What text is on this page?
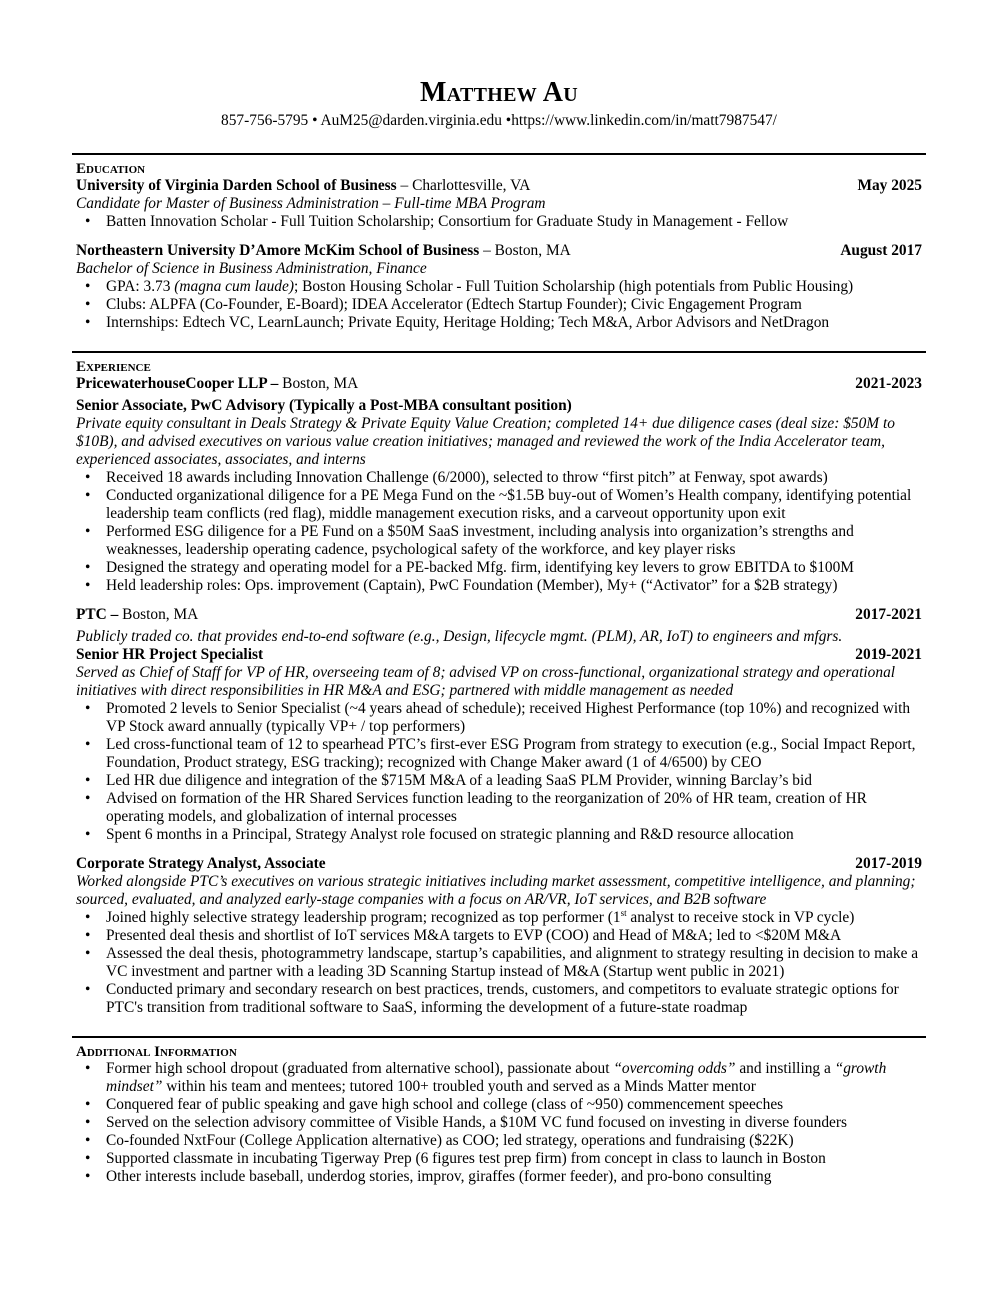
Matthew Au
857-756-5795 • AuM25@darden.virginia.edu •https://www.linkedin.com/in/matt7987547/
Education
University of Virginia Darden School of Business – Charlottesville, VA	May 2025
Candidate for Master of Business Administration – Full-time MBA Program
• Batten Innovation Scholar - Full Tuition Scholarship; Consortium for Graduate Study in Management - Fellow
Northeastern University D’Amore McKim School of Business – Boston, MA	August 2017
Bachelor of Science in Business Administration, Finance
• GPA: 3.73 (magna cum laude); Boston Housing Scholar - Full Tuition Scholarship (high potentials from Public Housing)
• Clubs: ALPFA (Co-Founder, E-Board); IDEA Accelerator (Edtech Startup Founder); Civic Engagement Program
• Internships: Edtech VC, LearnLaunch; Private Equity, Heritage Holding; Tech M&A, Arbor Advisors and NetDragon
Experience
PricewaterhouseCooper LLP – Boston, MA	2021-2023
Senior Associate, PwC Advisory (Typically a Post-MBA consultant position)
Private equity consultant in Deals Strategy & Private Equity Value Creation; completed 14+ due diligence cases (deal size: $50M to $10B), and advised executives on various value creation initiatives; managed and reviewed the work of the India Accelerator team, experienced associates, associates, and interns
• Received 18 awards including Innovation Challenge (6/2000), selected to throw “first pitch” at Fenway, spot awards)
• Conducted organizational diligence for a PE Mega Fund on the ~$1.5B buy-out of Women’s Health company, identifying potential leadership team conflicts (red flag), middle management execution risks, and a carveout opportunity upon exit
• Performed ESG diligence for a PE Fund on a $50M SaaS investment, including analysis into organization’s strengths and weaknesses, leadership operating cadence, psychological safety of the workforce, and key player risks
• Designed the strategy and operating model for a PE-backed Mfg. firm, identifying key levers to grow EBITDA to $100M
• Held leadership roles: Ops. improvement (Captain), PwC Foundation (Member), My+ (“Activator” for a $2B strategy)
PTC – Boston, MA	2017-2021
Publicly traded co. that provides end-to-end software (e.g., Design, lifecycle mgmt. (PLM), AR, IoT) to engineers and mfgrs.
Senior HR Project Specialist	2019-2021
Served as Chief of Staff for VP of HR, overseeing team of 8; advised VP on cross-functional, organizational strategy and operational initiatives with direct responsibilities in HR M&A and ESG; partnered with middle management as needed
• Promoted 2 levels to Senior Specialist (~4 years ahead of schedule); received Highest Performance (top 10%) and recognized with VP Stock award annually (typically VP+ / top performers)
• Led cross-functional team of 12 to spearhead PTC’s first-ever ESG Program from strategy to execution (e.g., Social Impact Report, Foundation, Product strategy, ESG tracking); recognized with Change Maker award (1 of 4/6500) by CEO
• Led HR due diligence and integration of the $715M M&A of a leading SaaS PLM Provider, winning Barclay’s bid
• Advised on formation of the HR Shared Services function leading to the reorganization of 20% of HR team, creation of HR operating models, and globalization of internal processes
• Spent 6 months in a Principal, Strategy Analyst role focused on strategic planning and R&D resource allocation
Corporate Strategy Analyst, Associate	2017-2019
Worked alongside PTC’s executives on various strategic initiatives including market assessment, competitive intelligence, and planning; sourced, evaluated, and analyzed early-stage companies with a focus on AR/VR, IoT services, and B2B software
• Joined highly selective strategy leadership program; recognized as top performer (1st analyst to receive stock in VP cycle)
• Presented deal thesis and shortlist of IoT services M&A targets to EVP (COO) and Head of M&A; led to <$20M M&A
• Assessed the deal thesis, photogrammetry landscape, startup’s capabilities, and alignment to strategy resulting in decision to make a VC investment and partner with a leading 3D Scanning Startup instead of M&A (Startup went public in 2021)
• Conducted primary and secondary research on best practices, trends, customers, and competitors to evaluate strategic options for PTC's transition from traditional software to SaaS, informing the development of a future-state roadmap
Additional Information
• Former high school dropout (graduated from alternative school), passionate about “overcoming odds” and instilling a “growth mindset” within his team and mentees; tutored 100+ troubled youth and served as a Minds Matter mentor
• Conquered fear of public speaking and gave high school and college (class of ~950) commencement speeches
• Served on the selection advisory committee of Visible Hands, a $10M VC fund focused on investing in diverse founders
• Co-founded NxtFour (College Application alternative) as COO; led strategy, operations and fundraising ($22K)
• Supported classmate in incubating Tigerway Prep (6 figures test prep firm) from concept in class to launch in Boston
• Other interests include baseball, underdog stories, improv, giraffes (former feeder), and pro-bono consulting
